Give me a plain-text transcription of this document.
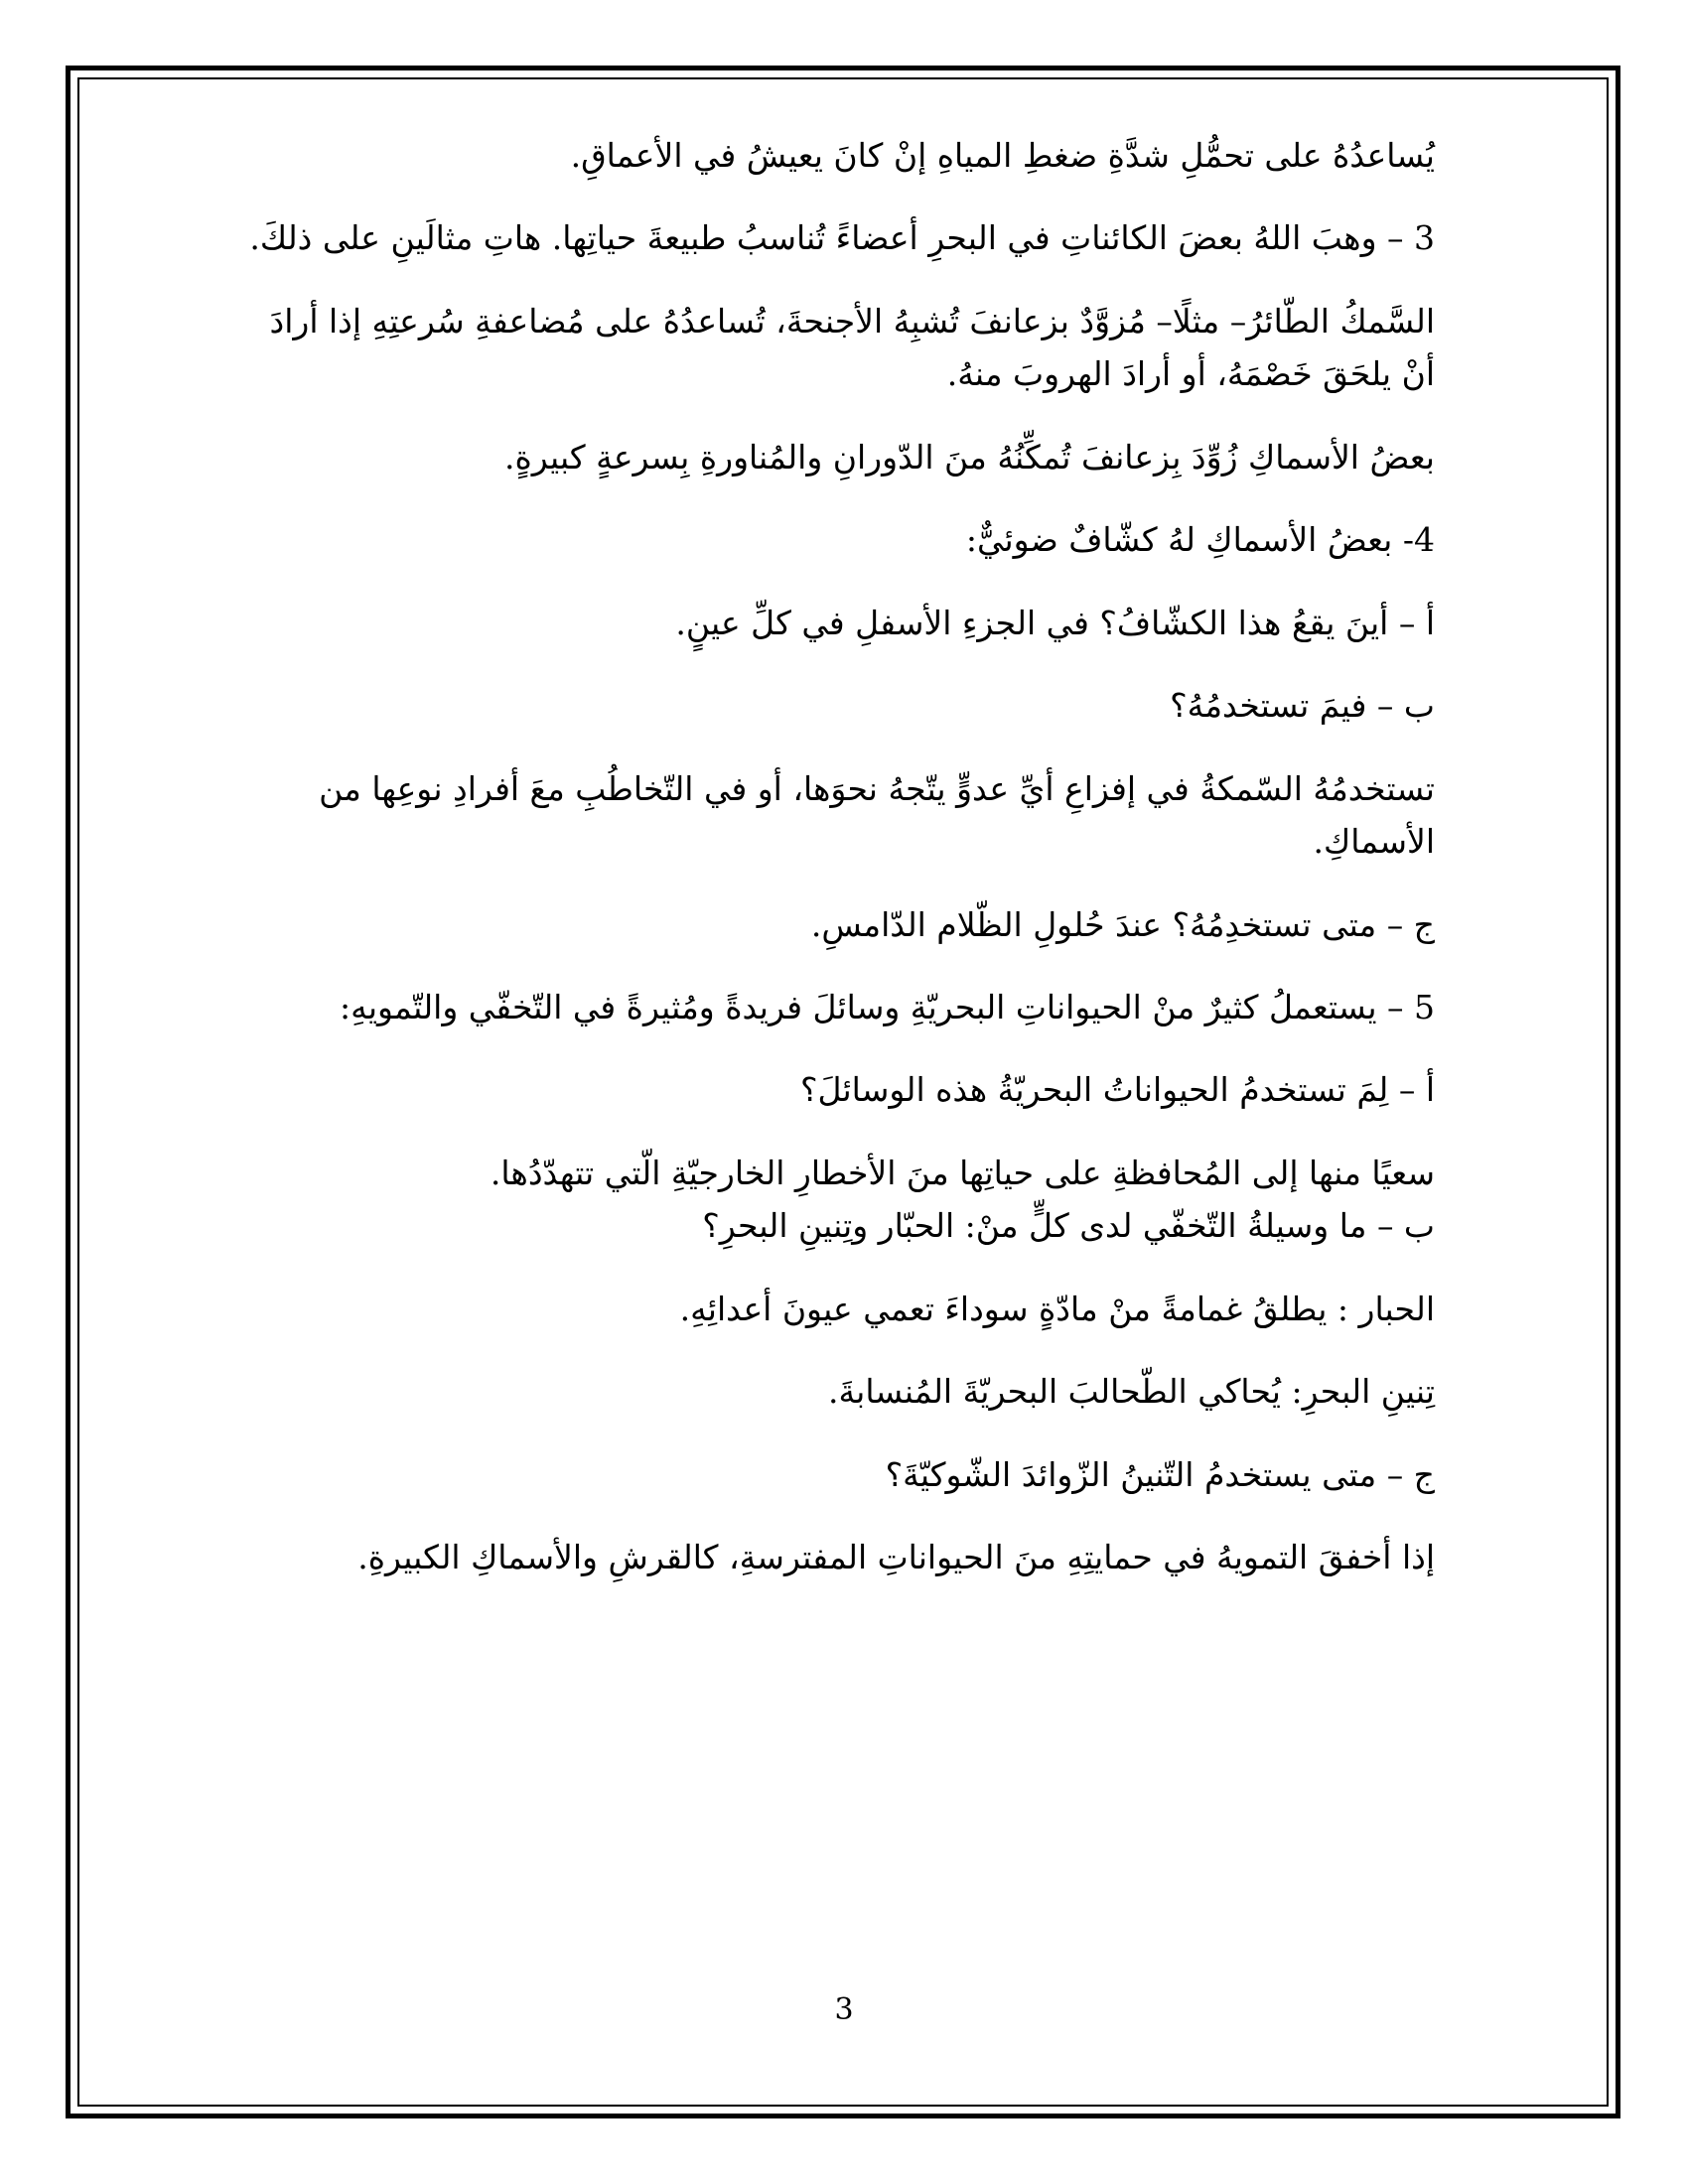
يُساعدُهُ على تحمُّلِ شدَّةِ ضغطِ المياهِ إنْ كانَ يعيشُ في الأعماقِ.

3 – وهبَ اللهُ بعضَ الكائناتِ في البحرِ أعضاءً تُناسبُ طبيعةَ حياتِها. هاتِ مثالَينِ على ذلكَ.

السَّمكُ الطّائرُ– مثلًا– مُزوَّدٌ بزعانفَ تُشبِهُ الأجنحةَ، تُساعدُهُ على مُضاعفةِ سُرعتِهِ إذا أرادَ أنْ يلحَقَ خَصْمَهُ، أو أرادَ الهروبَ منهُ.

بعضُ الأسماكِ زُوِّدَ بِزعانفَ تُمكِّنُهُ منَ الدّورانِ والمُناورةِ بِسرعةٍ كبيرةٍ.

4- بعضُ الأسماكِ لهُ كشّافٌ ضوئيٌّ:

أ – أينَ يقعُ هذا الكشّافُ؟ في الجزءِ الأسفلِ في كلِّ عينٍ.

ب – فيمَ تستخدمُهُ؟

تستخدمُهُ السّمكةُ في إفزاعِ أيِّ عدوٍّ يتّجهُ نحوَها، أو في التّخاطُبِ معَ أفرادِ نوعِها من الأسماكِ.

ج – متى تستخدِمُهُ؟ عندَ حُلولِ الظّلام الدّامسِ.

5 – يستعملُ كثيرٌ منْ الحيواناتِ البحريّةِ وسائلَ فريدةً ومُثيرةً في التّخفّي والتّمويهِ:

أ – لِمَ تستخدمُ الحيواناتُ البحريّةُ هذه الوسائلَ؟

سعيًا منها إلى المُحافظةِ على حياتِها منَ الأخطارِ الخارجيّةِ الّتي تتهدّدُها.

ب – ما وسيلةُ التّخفّي لدى كلٍّ منْ: الحبّار وتِنينِ البحرِ؟

الحبار : يطلقُ غمامةً منْ مادّةٍ سوداءَ تعمي عيونَ أعدائِهِ.

تِنينِ البحرِ: يُحاكي الطّحالبَ البحريّةَ المُنسابةَ.

ج – متى يستخدمُ التّنينُ الزّوائدَ الشّوكيّةَ؟

إذا أخفقَ التمويهُ في حمايتِهِ منَ الحيواناتِ المفترسةِ، كالقرشِ والأسماكِ الكبيرةِ.

3
